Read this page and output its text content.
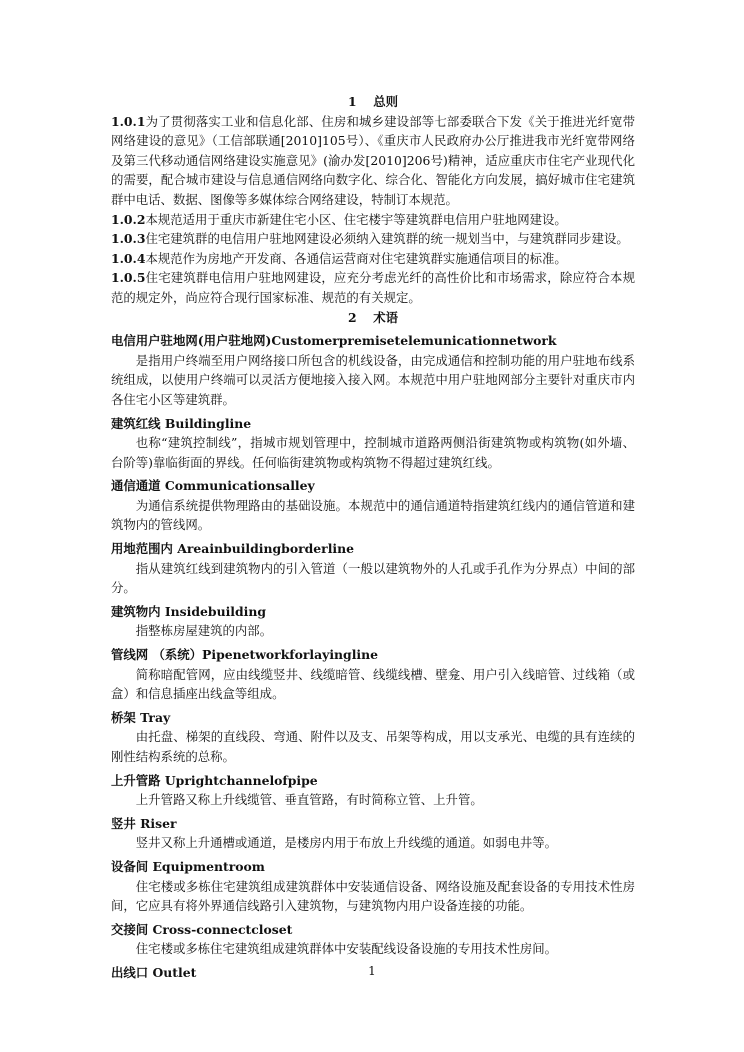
1　 总则

1.0.1为了贯彻落实工业和信息化部、住房和城乡建设部等七部委联合下发《关于推进光纤宽带网络建设的意见》（工信部联通[2010]105号）、《重庆市人民政府办公厅推进我市光纤宽带网络及第三代移动通信网络建设实施意见》(渝办发[2010]206号)精神，适应重庆市住宅产业现代化的需要，配合城市建设与信息通信网络向数字化、综合化、智能化方向发展，搞好城市住宅建筑群中电话、数据、图像等多媒体综合网络建设，特制订本规范。

1.0.2本规范适用于重庆市新建住宅小区、住宅楼宇等建筑群电信用户驻地网建设。

1.0.3住宅建筑群的电信用户驻地网建设必须纳入建筑群的统一规划当中，与建筑群同步建设。

1.0.4本规范作为房地产开发商、各通信运营商对住宅建筑群实施通信项目的标准。

1.0.5住宅建筑群电信用户驻地网建设，应充分考虑光纤的高性价比和市场需求，除应符合本规范的规定外，尚应符合现行国家标准、规范的有关规定。

2　 术语

电信用户驻地网(用户驻地网)Customerpremisetelemunicationnetwork

是指用户终端至用户网络接口所包含的机线设备，由完成通信和控制功能的用户驻地布线系统组成，以使用户终端可以灵活方便地接入接入网。本规范中用户驻地网部分主要针对重庆市内各住宅小区等建筑群。

建筑红线 Buildingline

也称“建筑控制线”，指城市规划管理中，控制城市道路两侧沿街建筑物或构筑物(如外墙、台阶等)靠临街面的界线。任何临街建筑物或构筑物不得超过建筑红线。

通信通道 Communicationsalley

为通信系统提供物理路由的基础设施。本规范中的通信通道特指建筑红线内的通信管道和建筑物内的管线网。

用地范围内 Areainbuildingborderline

指从建筑红线到建筑物内的引入管道（一般以建筑物外的人孔或手孔作为分界点）中间的部分。

建筑物内 Insidebuilding

指整栋房屋建筑的内部。

管线网 （系统）Pipenetworkforlayingline

简称暗配管网，应由线缆竖井、线缆暗管、线缆线槽、壁龛、用户引入线暗管、过线箱（或盒）和信息插座出线盒等组成。

桥架 Tray

由托盘、梯架的直线段、弯通、附件以及支、吊架等构成，用以支承光、电缆的具有连续的刚性结构系统的总称。

上升管路 Uprightchannelofpipe

上升管路又称上升线缆管、垂直管路，有时简称立管、上升管。

竖井 Riser

竖井又称上升通槽或通道，是楼房内用于布放上升线缆的通道。如弱电井等。

设备间 Equipmentroom

住宅楼或多栋住宅建筑组成建筑群体中安装通信设备、网络设施及配套设备的专用技术性房间，它应具有将外界通信线路引入建筑物，与建筑物内用户设备连接的功能。

交接间 Cross-connectcloset

住宅楼或多栋住宅建筑组成建筑群体中安装配线设备设施的专用技术性房间。

出线口 Outlet	1
